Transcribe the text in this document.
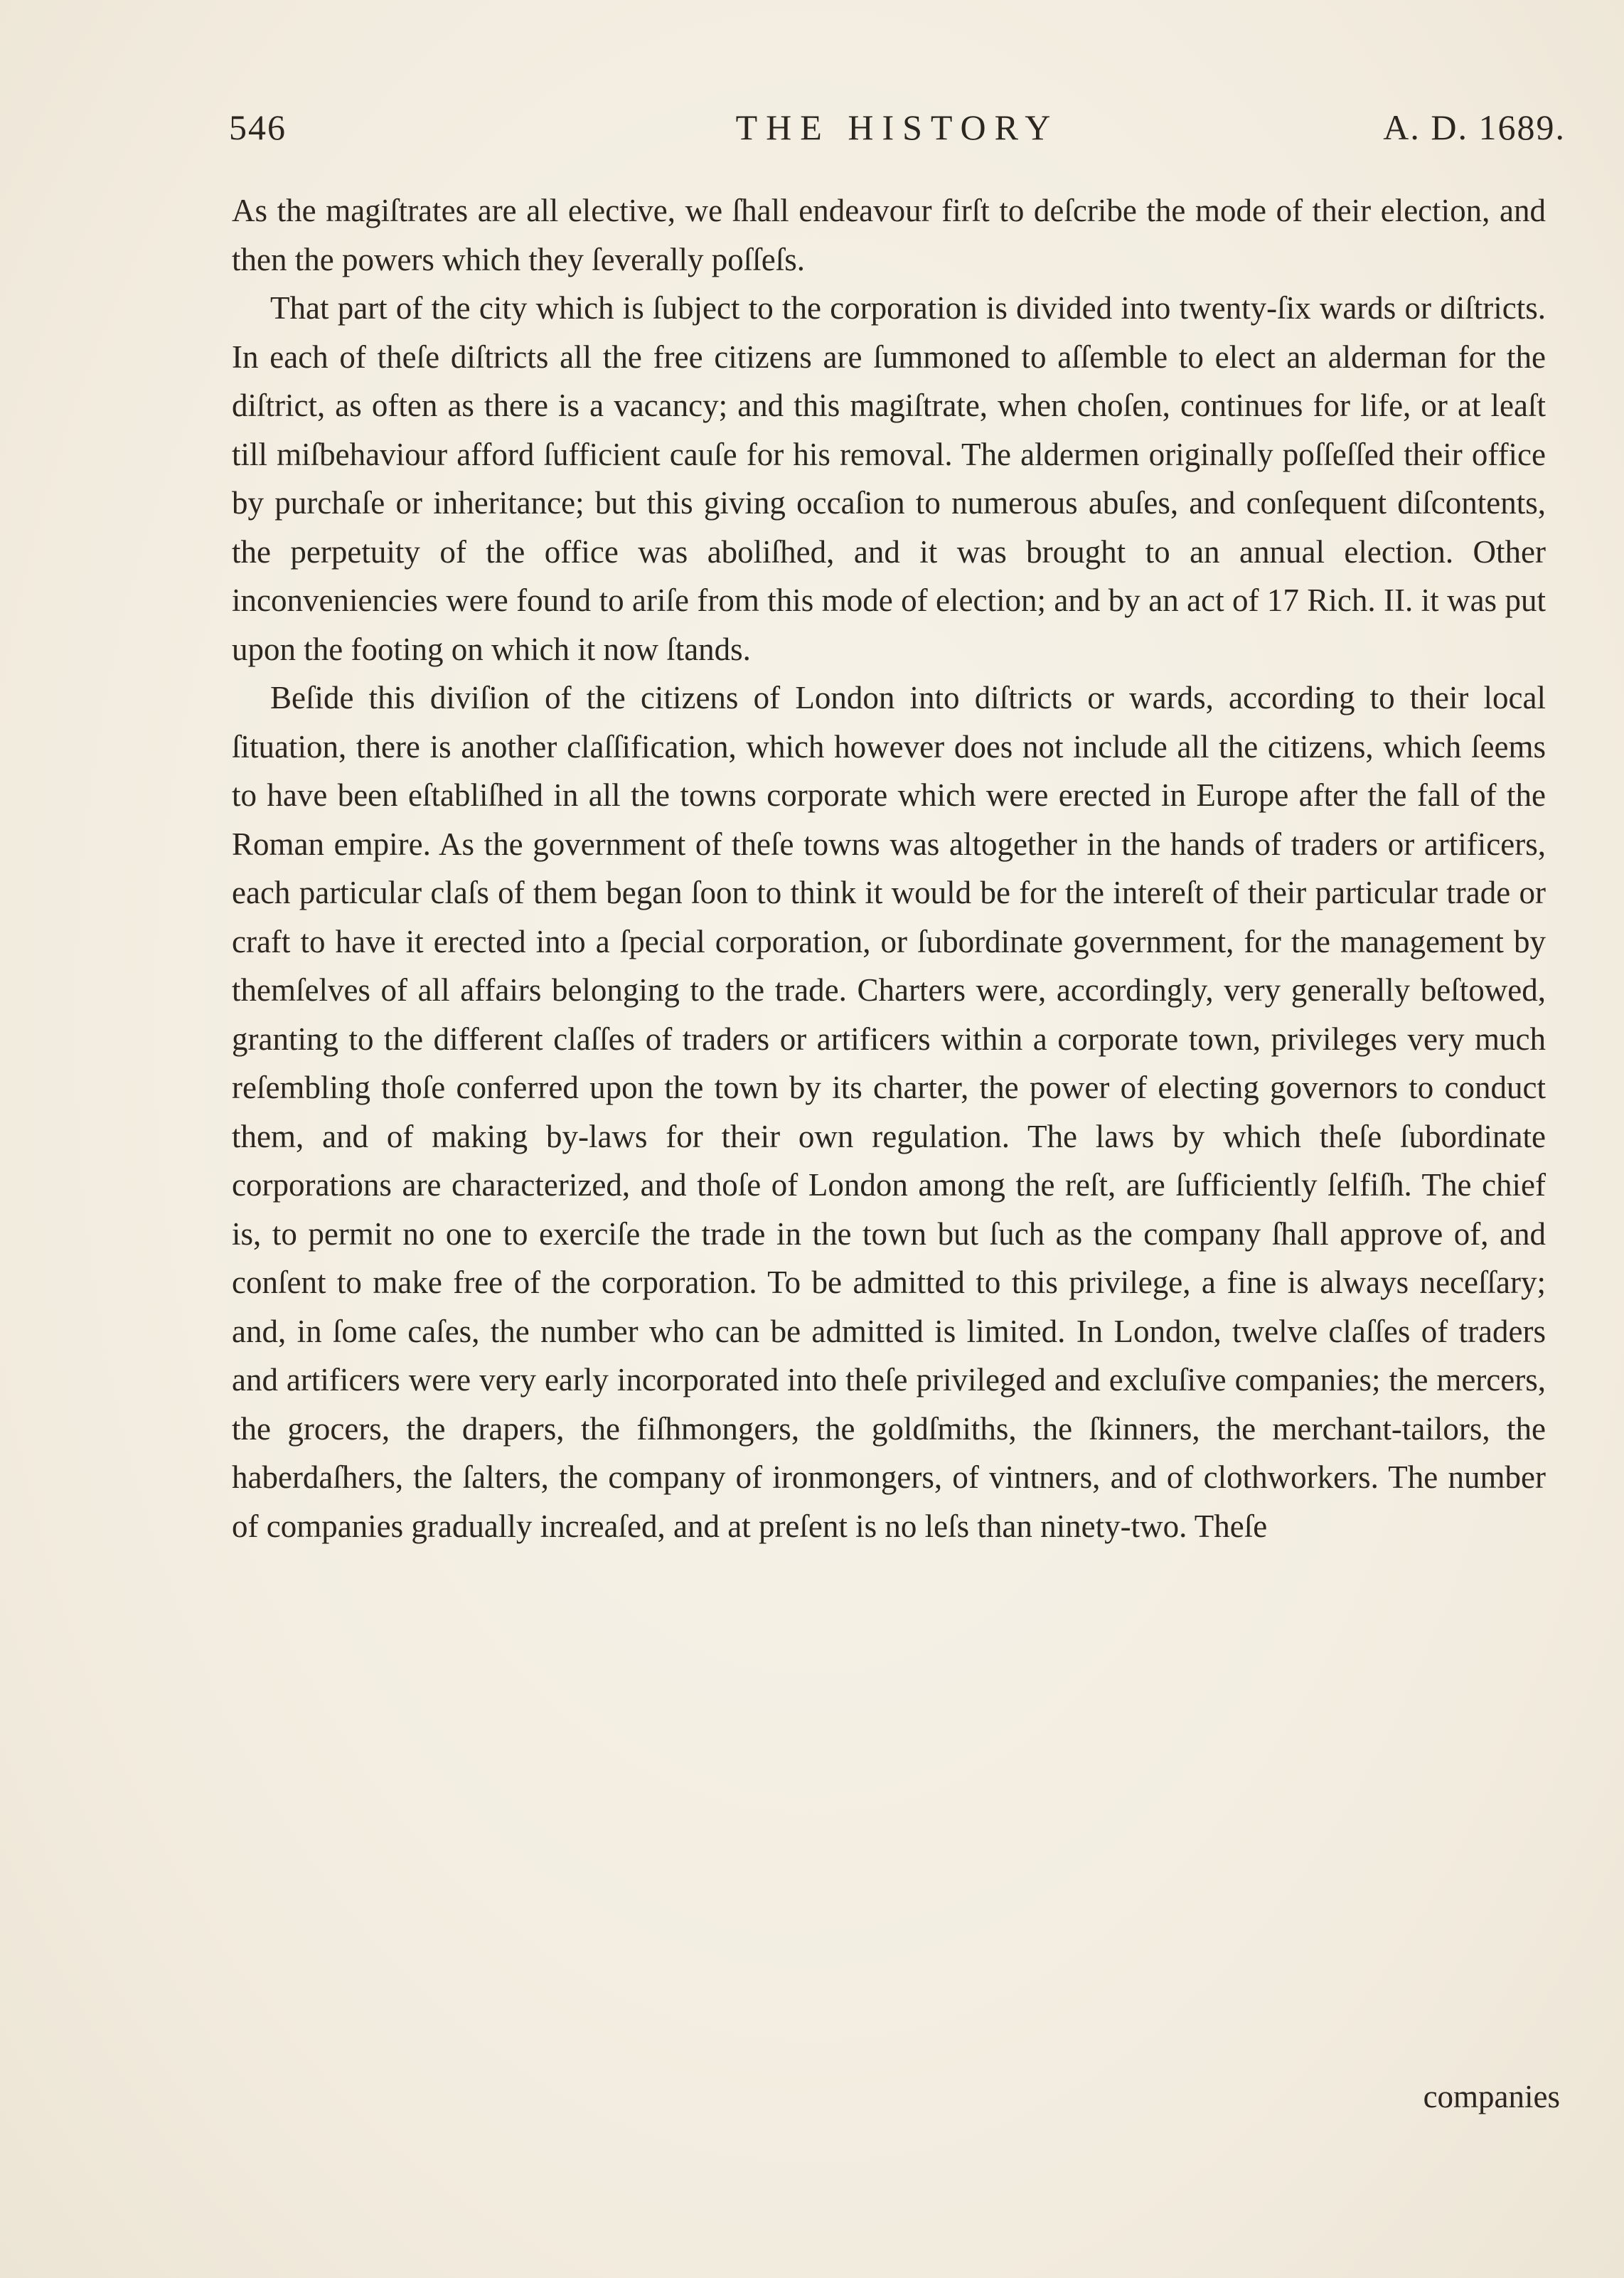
546	THE HISTORY	A. D. 1689.

As the magiſtrates are all elective, we ſhall endeavour firſt to deſcribe the mode of their election, and then the powers which they ſeverally poſſeſs.

That part of the city which is ſubject to the corporation is divided into twenty-ſix wards or diſtricts. In each of theſe diſtricts all the free citizens are ſummoned to aſſemble to elect an alderman for the diſtrict, as often as there is a vacancy; and this magiſtrate, when choſen, continues for life, or at leaſt till miſbehaviour afford ſufficient cauſe for his removal. The aldermen originally poſſeſſed their office by purchaſe or inheritance; but this giving occaſion to numerous abuſes, and conſequent diſcontents, the perpetuity of the office was aboliſhed, and it was brought to an annual election. Other inconveniencies were found to ariſe from this mode of election; and by an act of 17 Rich. II. it was put upon the footing on which it now ſtands.

Beſide this diviſion of the citizens of London into diſtricts or wards, according to their local ſituation, there is another claſſification, which however does not include all the citizens, which ſeems to have been eſtabliſhed in all the towns corporate which were erected in Europe after the fall of the Roman empire. As the government of theſe towns was altogether in the hands of traders or artificers, each particular claſs of them began ſoon to think it would be for the intereſt of their particular trade or craft to have it erected into a ſpecial corporation, or ſubordinate government, for the management by themſelves of all affairs belonging to the trade. Charters were, accordingly, very generally beſtowed, granting to the different claſſes of traders or artificers within a corporate town, privileges very much reſembling thoſe conferred upon the town by its charter, the power of electing governors to conduct them, and of making by-laws for their own regulation. The laws by which theſe ſubordinate corporations are characterized, and thoſe of London among the reſt, are ſufficiently ſelfiſh. The chief is, to permit no one to exerciſe the trade in the town but ſuch as the company ſhall approve of, and conſent to make free of the corporation. To be admitted to this privilege, a fine is always neceſſary; and, in ſome caſes, the number who can be admitted is limited. In London, twelve claſſes of traders and artificers were very early incorporated into theſe privileged and excluſive companies; the mercers, the grocers, the drapers, the fiſhmongers, the goldſmiths, the ſkinners, the merchant-tailors, the haberdaſhers, the ſalters, the company of ironmongers, of vintners, and of clothworkers. The number of companies gradually increaſed, and at preſent is no leſs than ninety-two. Theſe

companies
